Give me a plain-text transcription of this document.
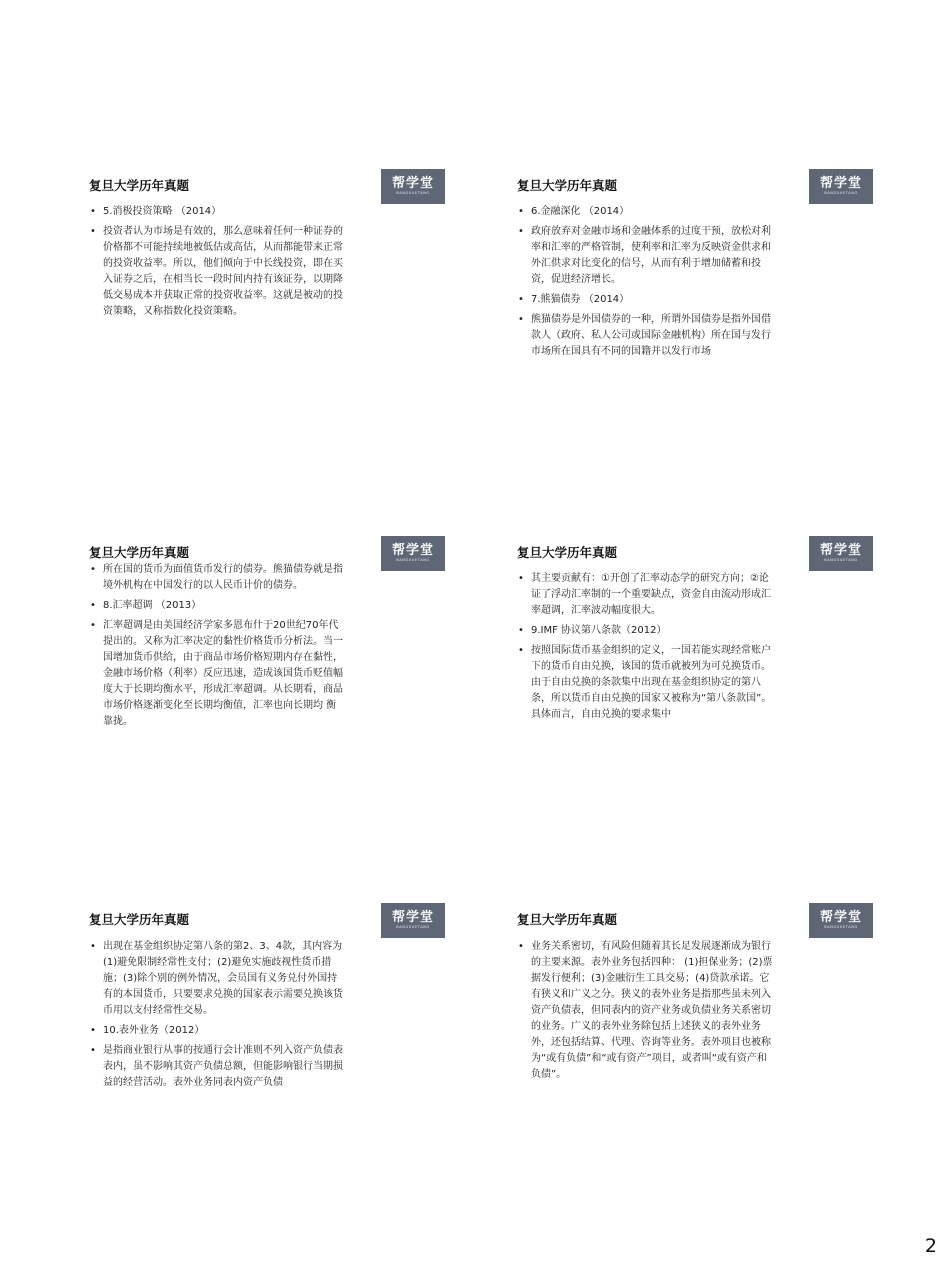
复旦大学历年真题	帮学堂
BANGXUETANG
• 5.消极投资策略 （2014）
• 投资者认为市场是有效的，那么意味着任何一种证券的价格都不可能持续地被低估或高估，从而都能带来正常的投资收益率。所以，他们倾向于中长线投资，即在买入证券之后，在相当长一段时间内持有该证券，以期降低交易成本并获取正常的投资收益率。这就是被动的投资策略，又称指数化投资策略。
复旦大学历年真题	帮学堂
BANGXUETANG
• 6.金融深化 （2014）
• 政府放弃对金融市场和金融体系的过度干预，放松对利率和汇率的严格管制，使利率和汇率为反映资金供求和外汇供求对比变化的信号，从而有利于增加储蓄和投资，促进经济增长。
• 7.熊猫债券 （2014）
• 熊猫债券是外国债券的一种，所谓外国债券是指外国借款人（政府、私人公司或国际金融机构）所在国与发行市场所在国具有不同的国籍并以发行市场
复旦大学历年真题	帮学堂
BANGXUETANG
• 所在国的货币为面值货币发行的债券。熊猫债券就是指境外机构在中国发行的以人民币计价的债券。
• 8.汇率超调 （2013）
• 汇率超调是由美国经济学家多恩布什于20世纪70年代提出的。又称为汇率决定的黏性价格货币分析法。当一国增加货币供给，由于商品市场价格短期内存在黏性，金融市场价格（利率）反应迅速，造成该国货币贬值幅度大于长期均衡水平，形成汇率超调。从长期看，商品市场价格逐渐变化至长期均衡值，汇率也向长期均 衡靠拢。
复旦大学历年真题	帮学堂
BANGXUETANG
• 其主要贡献有：①开创了汇率动态学的研究方向；②论证了浮动汇率制的一个重要缺点，资金自由流动形成汇率超调，汇率波动幅度很大。
• 9.IMF 协议第八条款（2012）
• 按照国际货币基金组织的定义，一国若能实现经常账户下的货币自由兑换，该国的货币就被列为可兑换货币。由于自由兑换的条款集中出现在基金组织协定的第八条，所以货币自由兑换的国家又被称为“第八条款国”。具体而言，自由兑换的要求集中
复旦大学历年真题	帮学堂
BANGXUETANG
• 出现在基金组织协定第八条的第2、3、4款，其内容为(1)避免限制经常性支付；(2)避免实施歧视性货币措施；(3)除个别的例外情况，会员国有义务兑付外国持有的本国货币，只要要求兑换的国家表示需要兑换该货币用以支付经常性交易。
• 10.表外业务（2012）
• 是指商业银行从事的按通行会计准则不列入资产负债表表内，虽不影响其资产负债总额，但能影响银行当期损益的经营活动。表外业务同表内资产负债
复旦大学历年真题	帮学堂
BANGXUETANG
• 业务关系密切，有风险但随着其长足发展逐渐成为银行的主要来源。表外业务包括四种： (1)担保业务；(2)票据发行便利；(3)金融衍生工具交易；(4)贷款承诺。它有狭义和广义之分。狭义的表外业务是指那些虽未列入资产负债表，但同表内的资产业务或负债业务关系密切的业务。广义的表外业务除包括上述狭义的表外业务外，还包括结算、代理、咨询等业务。表外项目也被称为“或有负债”和“或有资产”项目，或者叫“或有资产和负债”。
2
